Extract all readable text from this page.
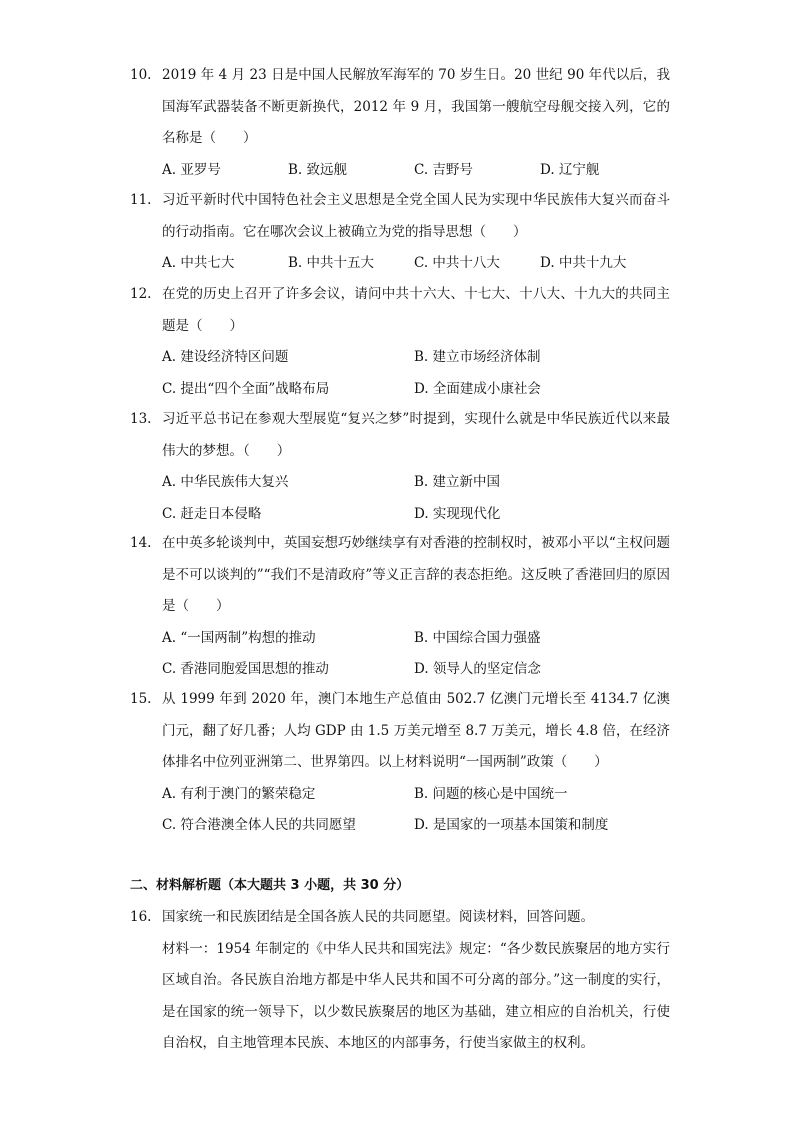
10. 2019 年 4 月 23 日是中国人民解放军海军的 70 岁生日。20 世纪 90 年代以后，我国海军武器装备不断更新换代，2012 年 9 月，我国第一艘航空母舰交接入列，它的名称是（　　）
A. 亚罗号	B. 致远舰	C. 吉野号	D. 辽宁舰
11. 习近平新时代中国特色社会主义思想是全党全国人民为实现中华民族伟大复兴而奋斗的行动指南。它在哪次会议上被确立为党的指导思想（　　）
A. 中共七大	B. 中共十五大	C. 中共十八大	D. 中共十九大
12. 在党的历史上召开了许多会议，请问中共十六大、十七大、十八大、十九大的共同主题是（　　）
A. 建设经济特区问题	B. 建立市场经济体制
C. 提出“四个全面”战略布局	D. 全面建成小康社会
13. 习近平总书记在参观大型展览“复兴之梦”时提到，实现什么就是中华民族近代以来最伟大的梦想。（　　）
A. 中华民族伟大复兴	B. 建立新中国
C. 赶走日本侵略	D. 实现现代化
14. 在中英多轮谈判中，英国妄想巧妙继续享有对香港的控制权时，被邓小平以“主权问题是不可以谈判的”“我们不是清政府”等义正言辞的表态拒绝。这反映了香港回归的原因是（　　）
A. “一国两制”构想的推动	B. 中国综合国力强盛
C. 香港同胞爱国思想的推动	D. 领导人的坚定信念
15. 从 1999 年到 2020 年，澳门本地生产总值由 502.7 亿澳门元增长至 4134.7 亿澳门元，翻了好几番；人均 GDP 由 1.5 万美元增至 8.7 万美元，增长 4.8 倍，在经济体排名中位列亚洲第二、世界第四。以上材料说明“一国两制”政策（　　）
A. 有利于澳门的繁荣稳定	B. 问题的核心是中国统一
C. 符合港澳全体人民的共同愿望	D. 是国家的一项基本国策和制度
二、材料解析题（本大题共 3 小题，共 30 分）
16. 国家统一和民族团结是全国各族人民的共同愿望。阅读材料，回答问题。
材料一：1954 年制定的《中华人民共和国宪法》规定：“各少数民族聚居的地方实行区域自治。各民族自治地方都是中华人民共和国不可分离的部分。”这一制度的实行，是在国家的统一领导下，以少数民族聚居的地区为基础，建立相应的自治机关，行使自治权，自主地管理本民族、本地区的内部事务，行使当家做主的权利。
